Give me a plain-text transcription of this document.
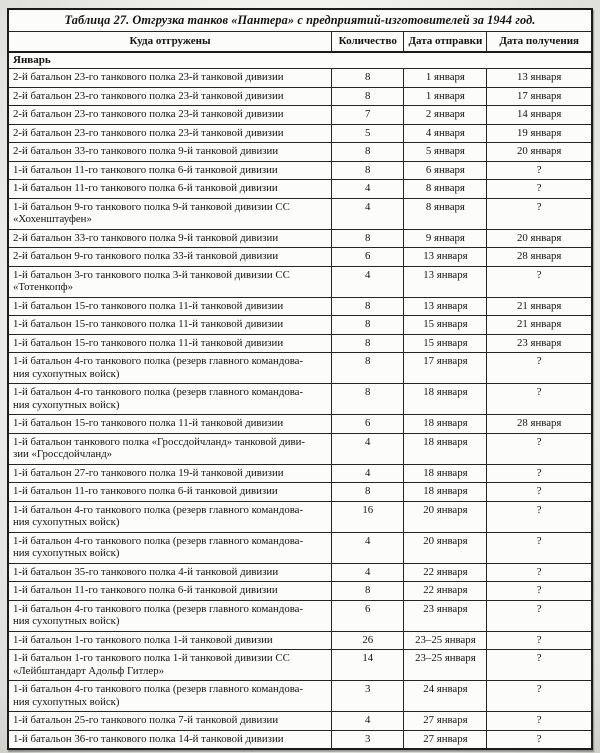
Таблица 27. Отгрузка танков «Пантера» с предприятий-изготовителей за 1944 год.			
Куда отгружены	Количество	Дата отправки	Дата получения
Январь			
2-й батальон 23-го танкового полка 23-й танковой дивизии	8	1 января	13 января
2-й батальон 23-го танкового полка 23-й танковой дивизии	8	1 января	17 января
2-й батальон 23-го танкового полка 23-й танковой дивизии	7	2 января	14 января
2-й батальон 23-го танкового полка 23-й танковой дивизии	5	4 января	19 января
2-й батальон 33-го танкового полка 9-й танковой дивизии	8	5 января	20 января
1-й батальон 11-го танкового полка 6-й танковой дивизии	8	6 января	?
1-й батальон 11-го танкового полка 6-й танковой дивизии	4	8 января	?
1-й батальон 9-го танкового полка 9-й танковой дивизии СС
«Хохенштауфен»	4	8 января	?
2-й батальон 33-го танкового полка 9-й танковой дивизии	8	9 января	20 января
2-й батальон 9-го танкового полка 33-й танковой дивизии	6	13 января	28 января
1-й батальон 3-го танкового полка 3-й танковой дивизии СС
«Тотенкопф»	4	13 января	?
1-й батальон 15-го танкового полка 11-й танковой дивизии	8	13 января	21 января
1-й батальон 15-го танкового полка 11-й танковой дивизии	8	15 января	21 января
1-й батальон 15-го танкового полка 11-й танковой дивизии	8	15 января	23 января
1-й батальон 4-го танкового полка (резерв главного командова-
ния сухопутных войск)	8	17 января	?
1-й батальон 4-го танкового полка (резерв главного командова-
ния сухопутных войск)	8	18 января	?
1-й батальон 15-го танкового полка 11-й танковой дивизии	6	18 января	28 января
1-й батальон танкового полка «Гроссдойчланд» танковой диви-
зии «Гроссдойчланд»	4	18 января	?
1-й батальон 27-го танкового полка 19-й танковой дивизии	4	18 января	?
1-й батальон 11-го танкового полка 6-й танковой дивизии	8	18 января	?
1-й батальон 4-го танкового полка (резерв главного командова-
ния сухопутных войск)	16	20 января	?
1-й батальон 4-го танкового полка (резерв главного командова-
ния сухопутных войск)	4	20 января	?
1-й батальон 35-го танкового полка 4-й танковой дивизии	4	22 января	?
1-й батальон 11-го танкового полка 6-й танковой дивизии	8	22 января	?
1-й батальон 4-го танкового полка (резерв главного командова-
ния сухопутных войск)	6	23 января	?
1-й батальон 1-го танкового полка 1-й танковой дивизии	26	23–25 января	?
1-й батальон 1-го танкового полка 1-й танковой дивизии СС
«Лейбштандарт Адольф Гитлер»	14	23–25 января	?
1-й батальон 4-го танкового полка (резерв главного командова-
ния сухопутных войск)	3	24 января	?
1-й батальон 25-го танкового полка 7-й танковой дивизии	4	27 января	?
1-й батальон 36-го танкового полка 14-й танковой дивизии	3	27 января	?
